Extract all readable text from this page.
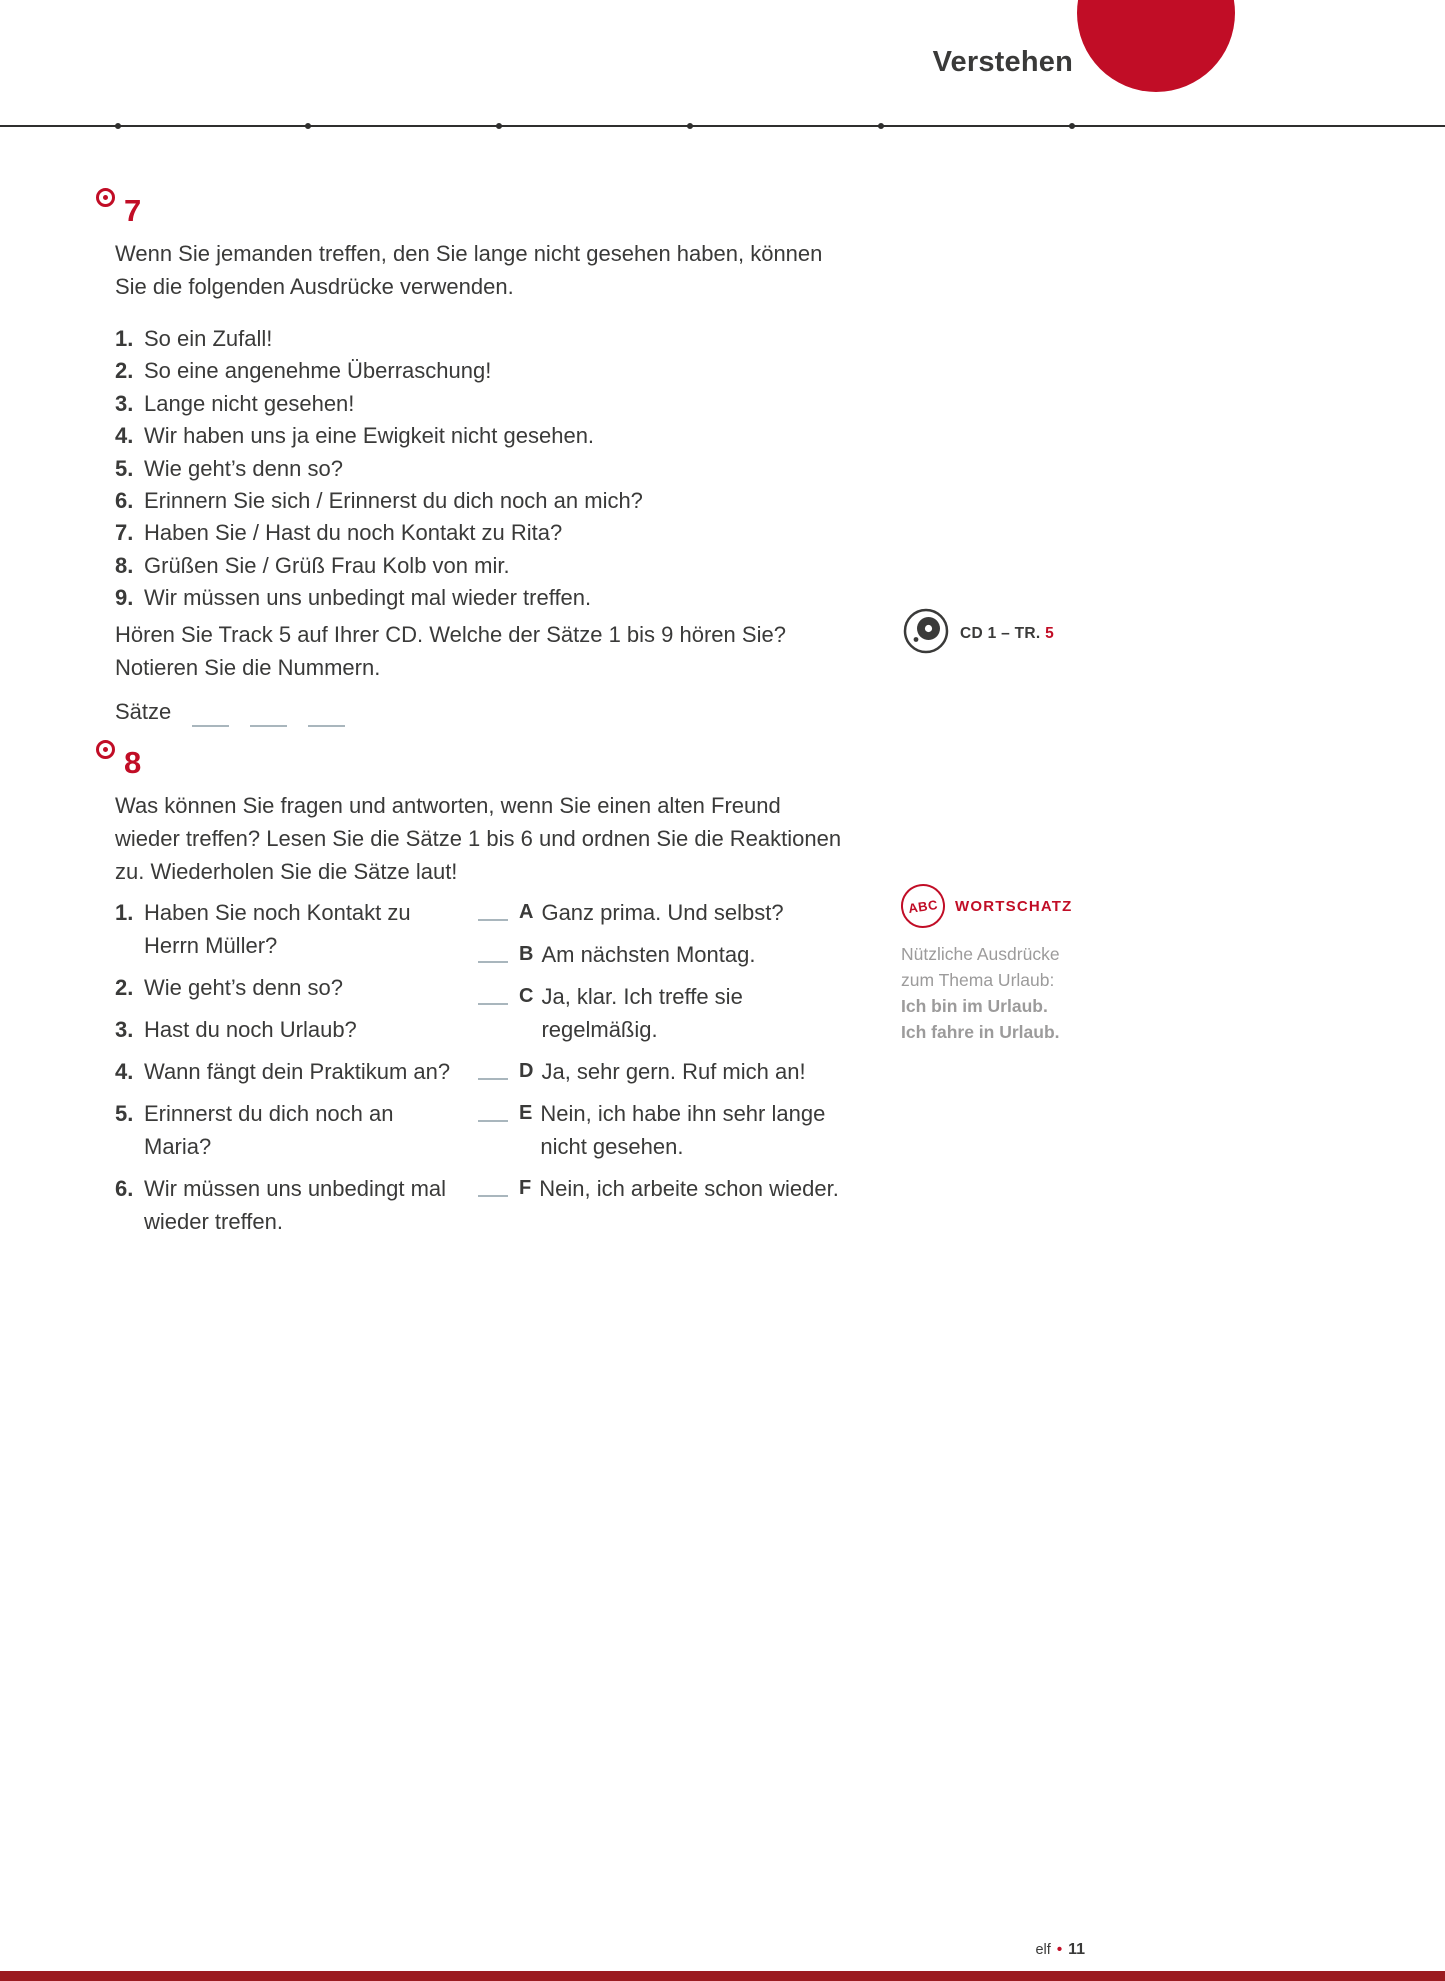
Verstehen
7
Wenn Sie jemanden treffen, den Sie lange nicht gesehen haben, können Sie die folgenden Ausdrücke verwenden.
1. So ein Zufall!
2. So eine angenehme Überraschung!
3. Lange nicht gesehen!
4. Wir haben uns ja eine Ewigkeit nicht gesehen.
5. Wie geht’s denn so?
6. Erinnern Sie sich / Erinnerst du dich noch an mich?
7. Haben Sie / Hast du noch Kontakt zu Rita?
8. Grüßen Sie / Grüß Frau Kolb von mir.
9. Wir müssen uns unbedingt mal wieder treffen.
Hören Sie Track 5 auf Ihrer CD. Welche der Sätze 1 bis 9 hören Sie? Notieren Sie die Nummern.
Sätze
CD 1 – TR. 5
8
Was können Sie fragen und antworten, wenn Sie einen alten Freund wieder treffen? Lesen Sie die Sätze 1 bis 6 und ordnen Sie die Reaktionen zu. Wiederholen Sie die Sätze laut!
1. Haben Sie noch Kontakt zu Herrn Müller?
2. Wie geht’s denn so?
3. Hast du noch Urlaub?
4. Wann fängt dein Praktikum an?
5. Erinnerst du dich noch an Maria?
6. Wir müssen uns unbedingt mal wieder treffen.
A Ganz prima. Und selbst?
B Am nächsten Montag.
C Ja, klar. Ich treffe sie regelmäßig.
D Ja, sehr gern. Ruf mich an!
E Nein, ich habe ihn sehr lange nicht gesehen.
F Nein, ich arbeite schon wieder.
ABC	WORTSCHATZ
Nützliche Ausdrücke zum Thema Urlaub:
Ich bin im Urlaub.
Ich fahre in Urlaub.
elf • 11
